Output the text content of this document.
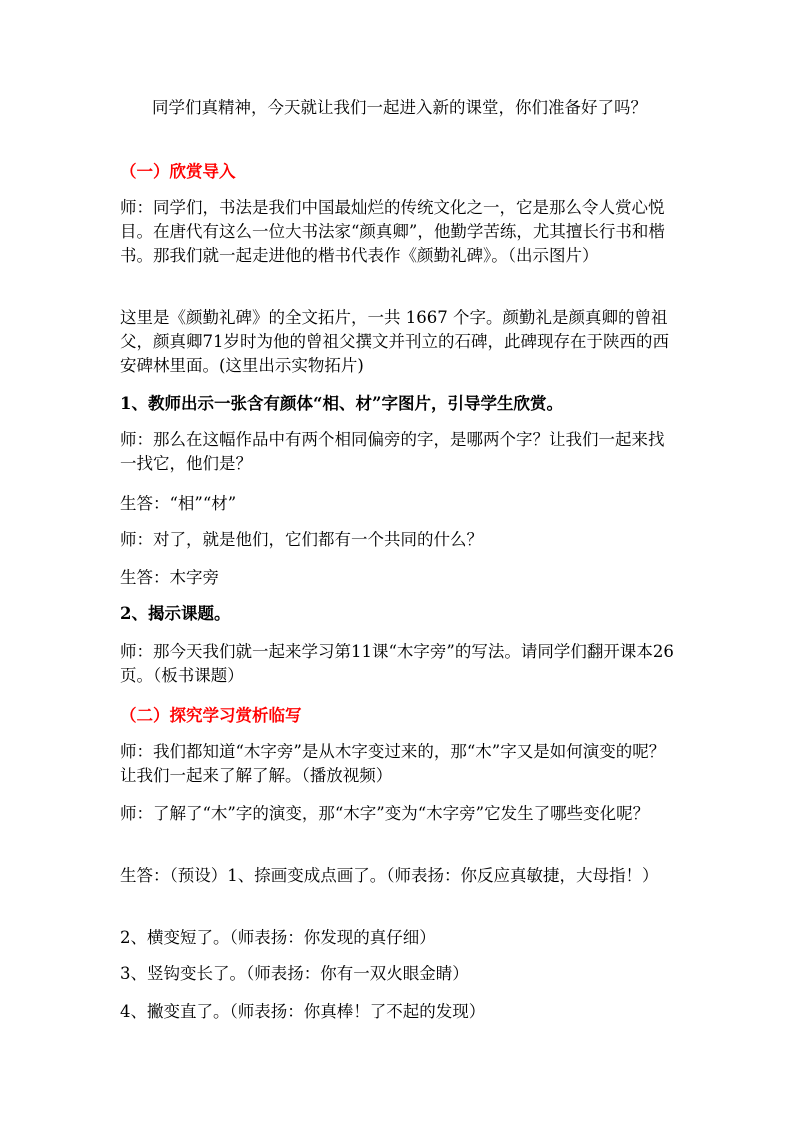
同学们真精神，今天就让我们一起进入新的课堂，你们准备好了吗？

（一）欣赏导入

师：同学们，书法是我们中国最灿烂的传统文化之一，它是那么令人赏心悦目。在唐代有这么一位大书法家“颜真卿”，他勤学苦练，尤其擅长行书和楷书。那我们就一起走进他的楷书代表作《颜勤礼碑》。（出示图片）

这里是《颜勤礼碑》的全文拓片，一共 1667 个字。颜勤礼是颜真卿的曾祖父，颜真卿71岁时为他的曾祖父撰文并刊立的石碑，此碑现存在于陕西的西安碑林里面。(这里出示实物拓片)

1、教师出示一张含有颜体“相、材”字图片，引导学生欣赏。

师：那么在这幅作品中有两个相同偏旁的字，是哪两个字？让我们一起来找一找它，他们是？

生答：“相”“材”

师：对了，就是他们，它们都有一个共同的什么？

生答：木字旁

2、揭示课题。

师：那今天我们就一起来学习第11课“木字旁”的写法。请同学们翻开课本26页。（板书课题）

（二）探究学习赏析临写

师：我们都知道“木字旁”是从木字变过来的，那“木”字又是如何演变的呢？让我们一起来了解了解。（播放视频）

师：了解了“木”字的演变，那“木字”变为“木字旁”它发生了哪些变化呢？

生答：（预设）1、捺画变成点画了。（师表扬：你反应真敏捷，大母指！）

2、横变短了。（师表扬：你发现的真仔细）

3、竖钩变长了。（师表扬：你有一双火眼金睛）

4、撇变直了。（师表扬：你真棒！了不起的发现）
